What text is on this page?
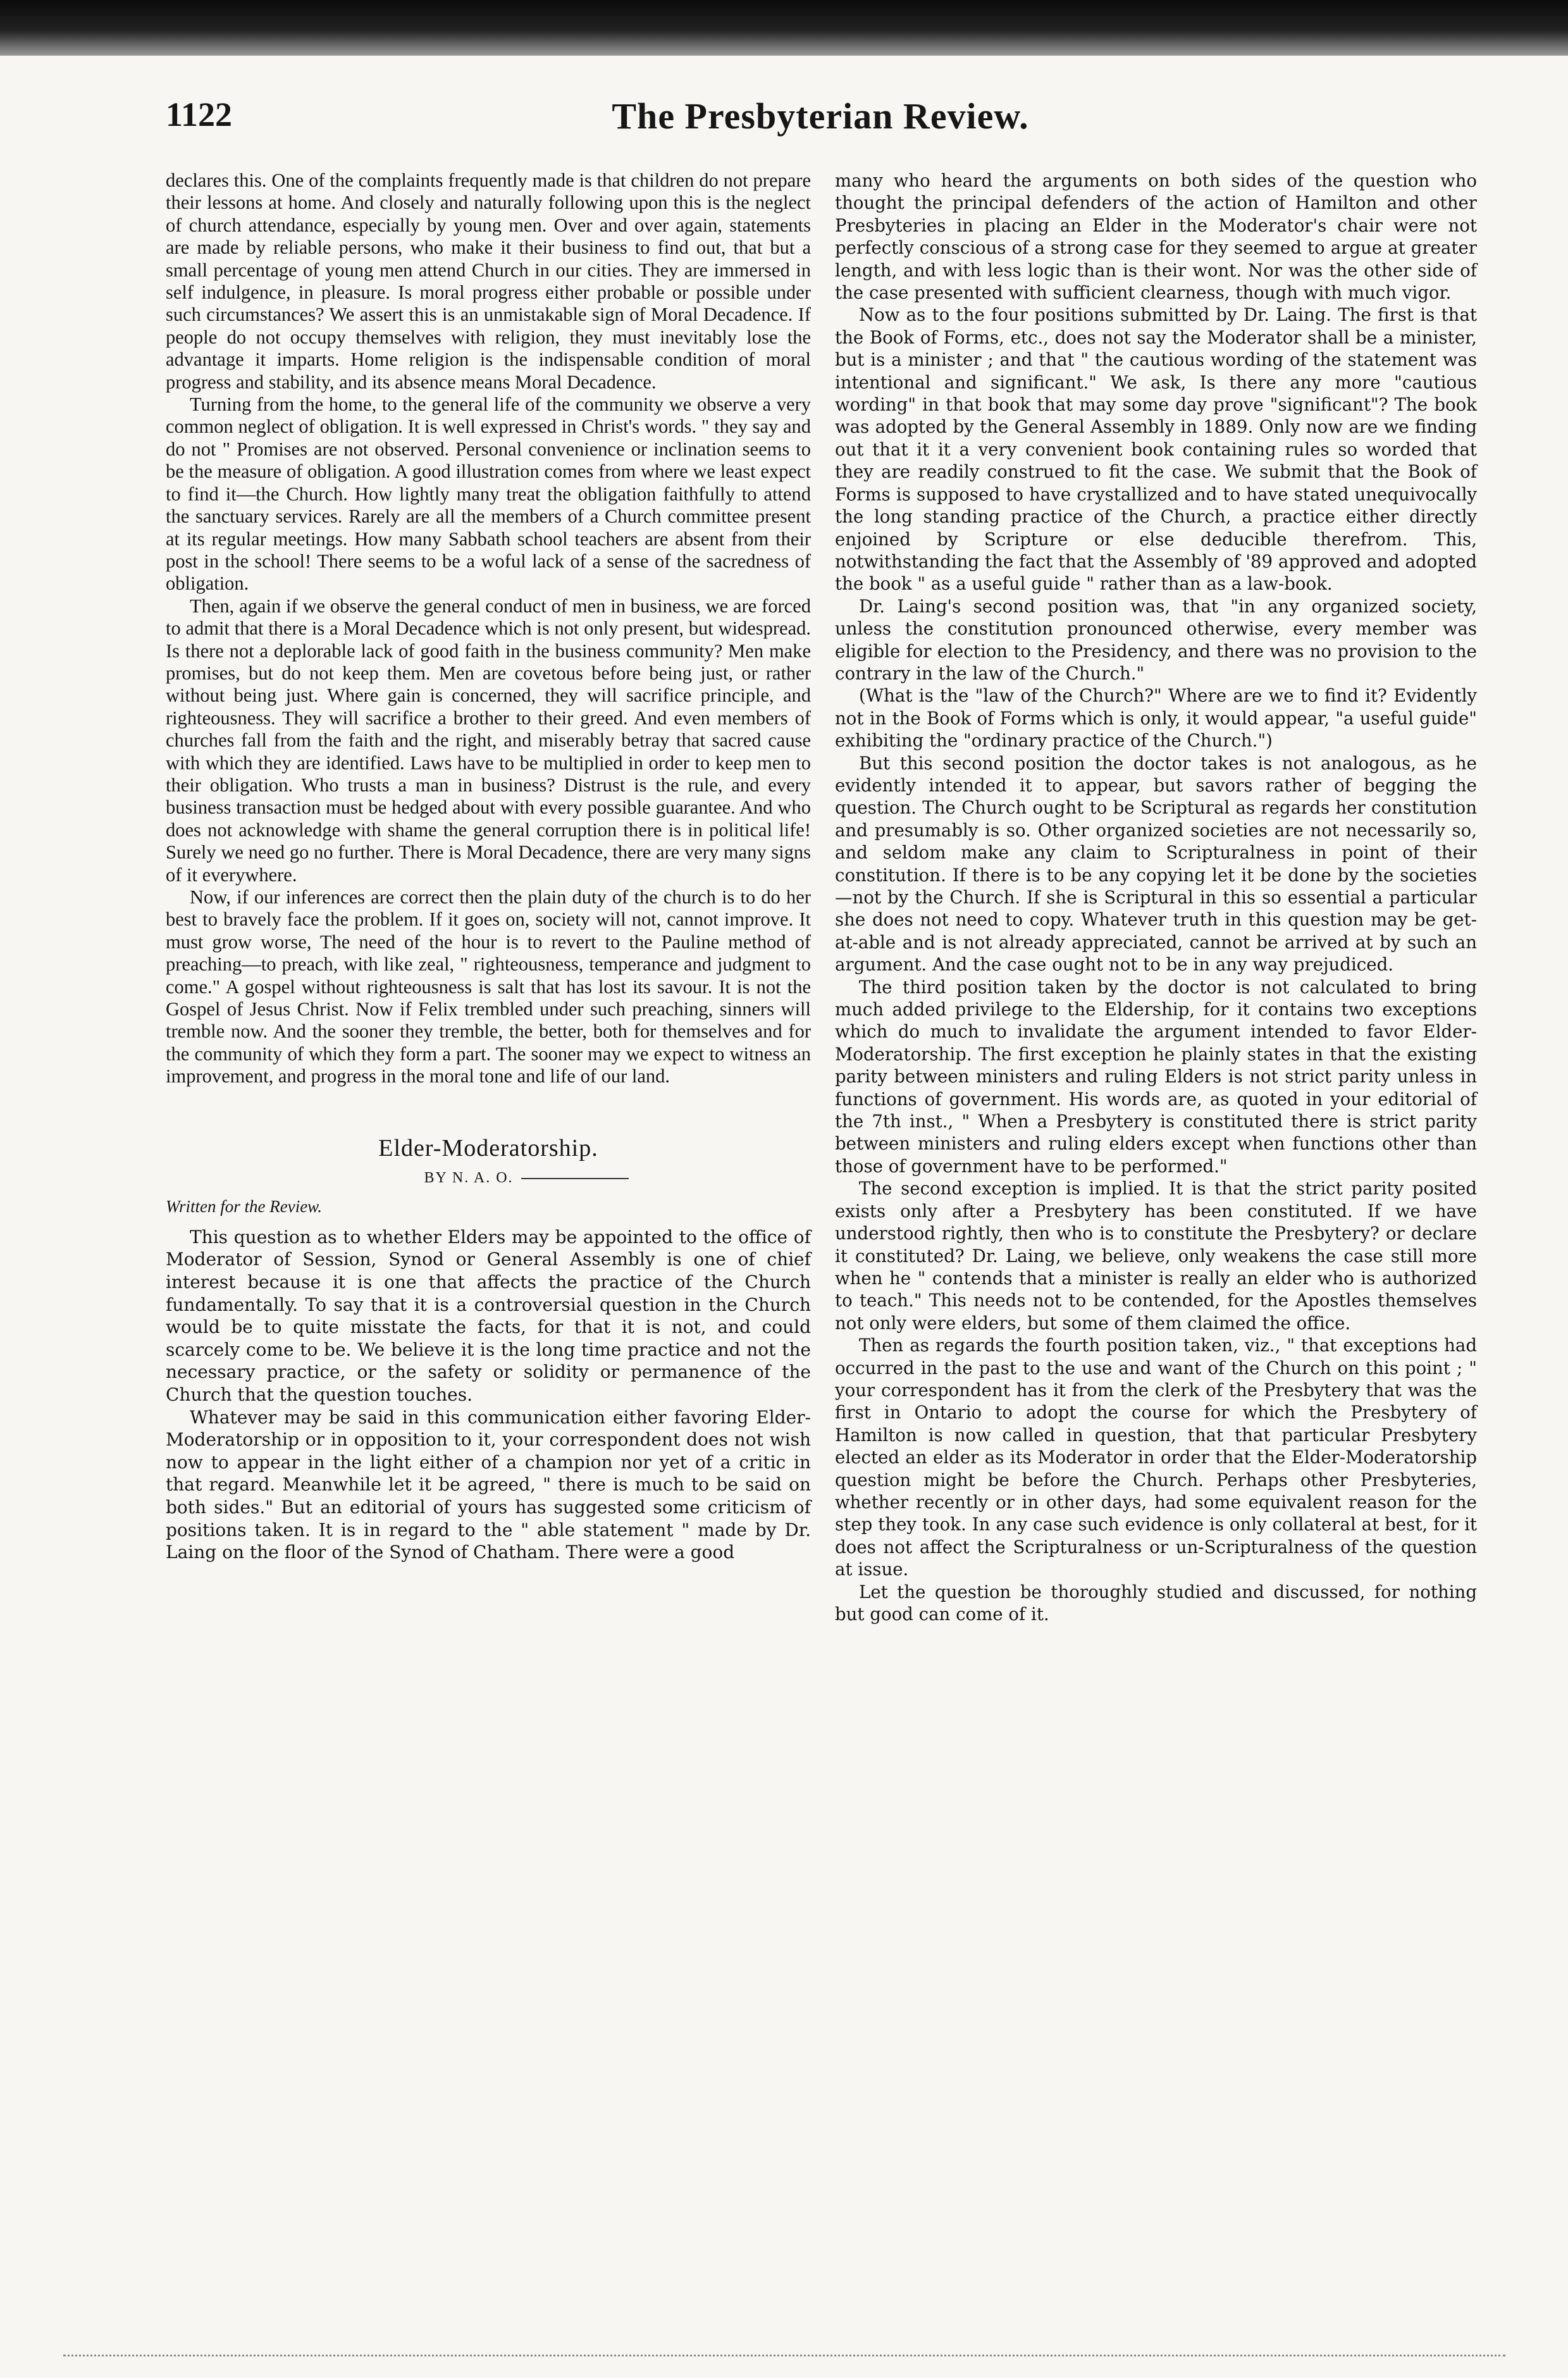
1122	The Presbyterian Review.

declares this. One of the complaints frequently made is that children do not prepare their lessons at home. And closely and naturally following upon this is the neglect of church attendance, especially by young men. Over and over again, statements are made by reliable persons, who make it their business to find out, that but a small percentage of young men attend Church in our cities. They are immersed in self indulgence, in pleasure. Is moral progress either probable or possible under such circumstances? We assert this is an unmistakable sign of Moral Decadence. If people do not occupy themselves with religion, they must inevitably lose the advantage it imparts. Home religion is the indispensable condition of moral progress and stability, and its absence means Moral Decadence.

Turning from the home, to the general life of the community we observe a very common neglect of obligation. It is well expressed in Christ's words. " they say and do not " Promises are not observed. Personal convenience or inclination seems to be the measure of obligation. A good illustration comes from where we least expect to find it—the Church. How lightly many treat the obligation faithfully to attend the sanctuary services. Rarely are all the members of a Church committee present at its regular meetings. How many Sabbath school teachers are absent from their post in the school! There seems to be a woful lack of a sense of the sacredness of obligation.

Then, again if we observe the general conduct of men in business, we are forced to admit that there is a Moral Decadence which is not only present, but widespread. Is there not a deplorable lack of good faith in the business community? Men make promises, but do not keep them. Men are covetous before being just, or rather without being just. Where gain is concerned, they will sacrifice principle, and righteousness. They will sacrifice a brother to their greed. And even members of churches fall from the faith and the right, and miserably betray that sacred cause with which they are identified. Laws have to be multiplied in order to keep men to their obligation. Who trusts a man in business? Distrust is the rule, and every business transaction must be hedged about with every possible guarantee. And who does not acknowledge with shame the general corruption there is in political life! Surely we need go no further. There is Moral Decadence, there are very many signs of it everywhere.

Now, if our inferences are correct then the plain duty of the church is to do her best to bravely face the problem. If it goes on, society will not, cannot improve. It must grow worse, The need of the hour is to revert to the Pauline method of preaching—to preach, with like zeal, " righteousness, temperance and judgment to come." A gospel without righteousness is salt that has lost its savour. It is not the Gospel of Jesus Christ. Now if Felix trembled under such preaching, sinners will tremble now. And the sooner they tremble, the better, both for themselves and for the community of which they form a part. The sooner may we expect to witness an improvement, and progress in the moral tone and life of our land.

Elder-Moderatorship.
BY N. A. O.
Written for the Review.

This question as to whether Elders may be appointed to the office of Moderator of Session, Synod or General Assembly is one of chief interest because it is one that affects the practice of the Church fundamentally. To say that it is a controversial question in the Church would be to quite misstate the facts, for that it is not, and could scarcely come to be. We believe it is the long time practice and not the necessary practice, or the safety or solidity or permanence of the Church that the question touches.

Whatever may be said in this communication either favoring Elder-Moderatorship or in opposition to it, your correspondent does not wish now to appear in the light either of a champion nor yet of a critic in that regard. Meanwhile let it be agreed, " there is much to be said on both sides." But an editorial of yours has suggested some criticism of positions taken. It is in regard to the " able statement " made by Dr. Laing on the floor of the Synod of Chatham. There were a good

many who heard the arguments on both sides of the question who thought the principal defenders of the action of Hamilton and other Presbyteries in placing an Elder in the Moderator's chair were not perfectly conscious of a strong case for they seemed to argue at greater length, and with less logic than is their wont. Nor was the other side of the case presented with sufficient clearness, though with much vigor.

Now as to the four positions submitted by Dr. Laing. The first is that the Book of Forms, etc., does not say the Moderator shall be a minister, but is a minister ; and that " the cautious wording of the statement was intentional and significant." We ask, Is there any more "cautious wording" in that book that may some day prove "significant"? The book was adopted by the General Assembly in 1889. Only now are we finding out that it it a very convenient book containing rules so worded that they are readily construed to fit the case. We submit that the Book of Forms is supposed to have crystallized and to have stated unequivocally the long standing practice of the Church, a practice either directly enjoined by Scripture or else deducible therefrom. This, notwithstanding the fact that the Assembly of '89 approved and adopted the book " as a useful guide " rather than as a law-book.

Dr. Laing's second position was, that "in any organized society, unless the constitution pronounced otherwise, every member was eligible for election to the Presidency, and there was no provision to the contrary in the law of the Church."

(What is the "law of the Church?" Where are we to find it? Evidently not in the Book of Forms which is only, it would appear, "a useful guide" exhibiting the "ordinary practice of the Church.")

But this second position the doctor takes is not analogous, as he evidently intended it to appear, but savors rather of begging the question. The Church ought to be Scriptural as regards her constitution and presumably is so. Other organized societies are not necessarily so, and seldom make any claim to Scripturalness in point of their constitution. If there is to be any copying let it be done by the societies—not by the Church. If she is Scriptural in this so essential a particular she does not need to copy. Whatever truth in this question may be get-at-able and is not already appreciated, cannot be arrived at by such an argument. And the case ought not to be in any way prejudiced.

The third position taken by the doctor is not calculated to bring much added privilege to the Eldership, for it contains two exceptions which do much to invalidate the argument intended to favor Elder-Moderatorship. The first exception he plainly states in that the existing parity between ministers and ruling Elders is not strict parity unless in functions of government. His words are, as quoted in your editorial of the 7th inst., " When a Presbytery is constituted there is strict parity between ministers and ruling elders except when functions other than those of government have to be performed."

The second exception is implied. It is that the strict parity posited exists only after a Presbytery has been constituted. If we have understood rightly, then who is to constitute the Presbytery? or declare it constituted? Dr. Laing, we believe, only weakens the case still more when he " contends that a minister is really an elder who is authorized to teach." This needs not to be contended, for the Apostles themselves not only were elders, but some of them claimed the office.

Then as regards the fourth position taken, viz., " that exceptions had occurred in the past to the use and want of the Church on this point ; " your correspondent has it from the clerk of the Presbytery that was the first in Ontario to adopt the course for which the Presbytery of Hamilton is now called in question, that that particular Presbytery elected an elder as its Moderator in order that the Elder-Moderatorship question might be before the Church. Perhaps other Presbyteries, whether recently or in other days, had some equivalent reason for the step they took. In any case such evidence is only collateral at best, for it does not affect the Scripturalness or un-Scripturalness of the question at issue.

Let the question be thoroughly studied and discussed, for nothing but good can come of it.
